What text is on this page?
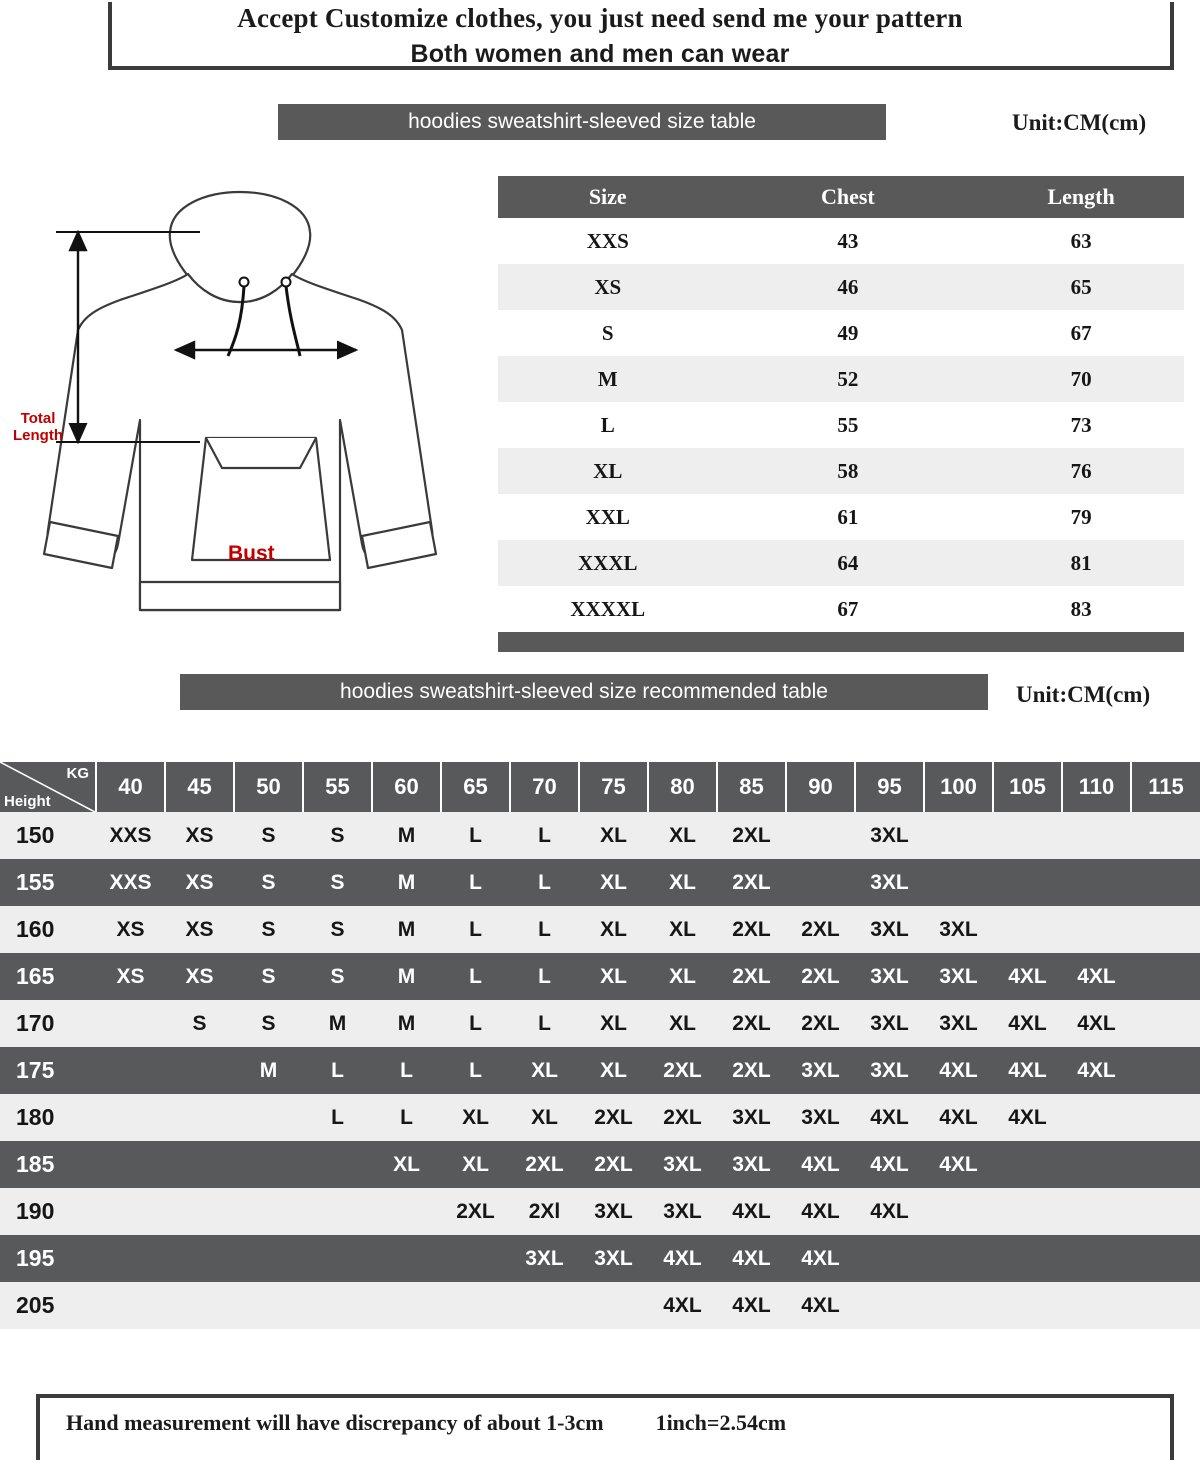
Accept Customize clothes, you just need send me your pattern
Both women and men can wear
hoodies sweatshirt-sleeved size table	Unit:CM(cm)
Bust
Total
Length
Size	Chest	Length
XXS	43	63
XS	46	65
S	49	67
M	52	70
L	55	73
XL	58	76
XXL	61	79
XXXL	64	81
XXXXL	67	83

hoodies sweatshirt-sleeved size recommended table	Unit:CM(cm)
KG
Height	40	45	50	55	60	65	70	75	80	85	90	95	100	105	110	115
150	XXS	XS	S	S	M	L	L	XL	XL	2XL		3XL				
155	XXS	XS	S	S	M	L	L	XL	XL	2XL		3XL				
160	XS	XS	S	S	M	L	L	XL	XL	2XL	2XL	3XL	3XL			
165	XS	XS	S	S	M	L	L	XL	XL	2XL	2XL	3XL	3XL	4XL	4XL	
170		S	S	M	M	L	L	XL	XL	2XL	2XL	3XL	3XL	4XL	4XL	
175			M	L	L	L	XL	XL	2XL	2XL	3XL	3XL	4XL	4XL	4XL	
180				L	L	XL	XL	2XL	2XL	3XL	3XL	4XL	4XL	4XL		
185					XL	XL	2XL	2XL	3XL	3XL	4XL	4XL	4XL			
190						2XL	2Xl	3XL	3XL	4XL	4XL	4XL				
195							3XL	3XL	4XL	4XL	4XL					
205									4XL	4XL	4XL					
Hand measurement will have discrepancy of about 1-3cm 1inch=2.54cm
